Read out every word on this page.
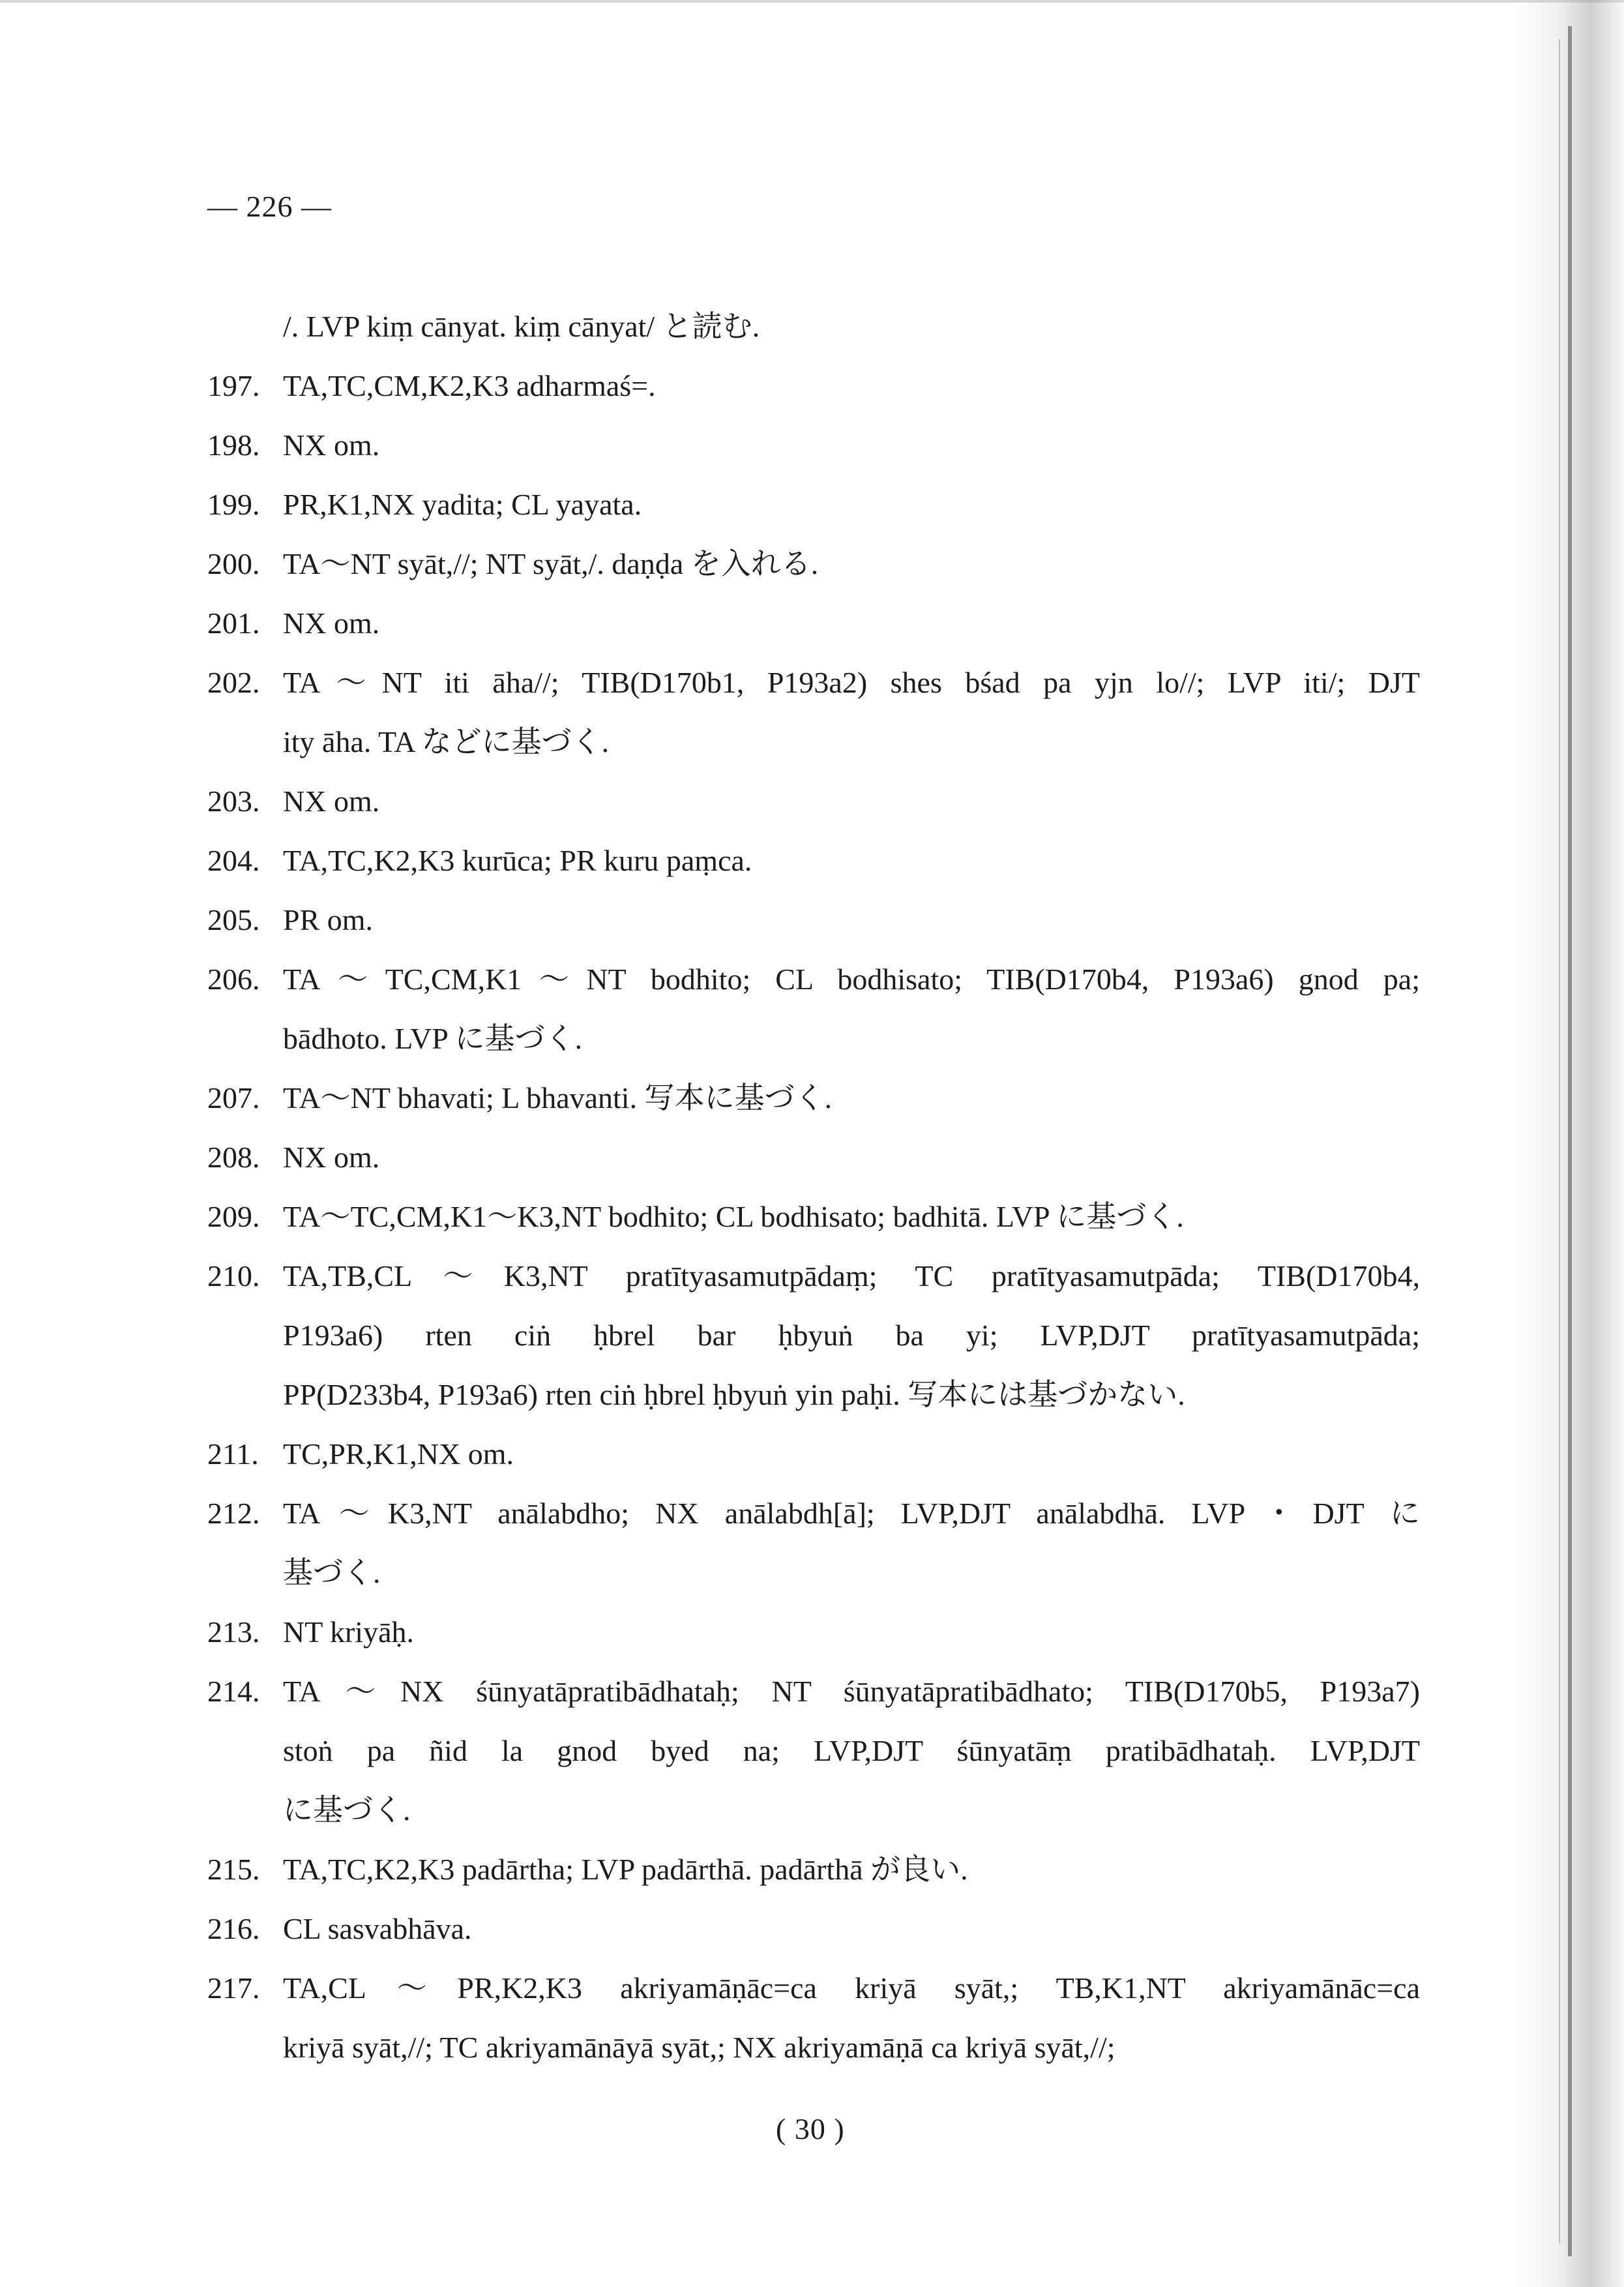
— 226 —
/. LVP kiṃ cānyat. kiṃ cānyat/ と読む.
197. TA,TC,CM,K2,K3 adharmaś=.
198. NX om.
199. PR,K1,NX yadita; CL yayata.
200. TA〜NT syāt,//; NT syāt,/. daṇḍa を入れる.
201. NX om.
202. TA〜NT iti āha//; TIB(D170b1, P193a2) shes bśad pa yjn lo//; LVP iti/; DJT
ity āha. TA などに基づく.
203. NX om.
204. TA,TC,K2,K3 kurūca; PR kuru paṃca.
205. PR om.
206. TA〜TC,CM,K1〜NT bodhito; CL bodhisato; TIB(D170b4, P193a6) gnod pa;
bādhoto. LVP に基づく.
207. TA〜NT bhavati; L bhavanti. 写本に基づく.
208. NX om.
209. TA〜TC,CM,K1〜K3,NT bodhito; CL bodhisato; badhitā. LVP に基づく.
210. TA,TB,CL〜K3,NT pratītyasamutpādaṃ; TC pratītyasamutpāda; TIB(D170b4,
P193a6) rten ciṅ ḥbrel bar ḥbyuṅ ba yi; LVP,DJT pratītyasamutpāda;
PP(D233b4, P193a6) rten ciṅ ḥbrel ḥbyuṅ yin paḥi. 写本には基づかない.
211. TC,PR,K1,NX om.
212. TA〜K3,NT anālabdho; NX anālabdh[ā]; LVP,DJT anālabdhā. LVP・DJT に
基づく.
213. NT kriyāḥ.
214. TA〜NX śūnyatāpratibādhataḥ; NT śūnyatāpratibādhato; TIB(D170b5, P193a7)
stoṅ pa ñid la gnod byed na; LVP,DJT śūnyatāṃ pratibādhataḥ. LVP,DJT
に基づく.
215. TA,TC,K2,K3 padārtha; LVP padārthā. padārthā が良い.
216. CL sasvabhāva.
217. TA,CL〜PR,K2,K3 akriyamāṇāc=ca kriyā syāt,; TB,K1,NT akriyamānāc=ca
kriyā syāt,//; TC akriyamānāyā syāt,; NX akriyamāṇā ca kriyā syāt,//;
( 30 )
